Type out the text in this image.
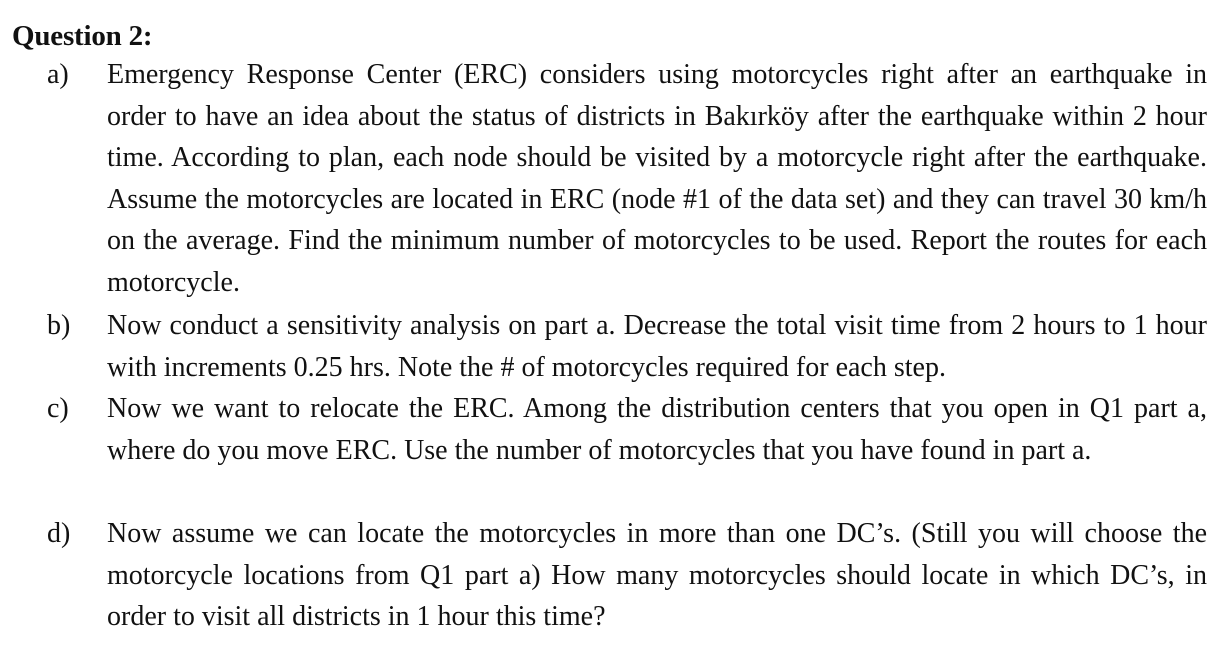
Question 2:
a)	Emergency Response Center (ERC) considers using motorcycles right after an earthquake in order to have an idea about the status of districts in Bakırköy after the earthquake within 2 hour time. According to plan, each node should be visited by a motorcycle right after the earthquake. Assume the motorcycles are located in ERC (node #1 of the data set) and they can travel 30 km/h on the average. Find the minimum number of motorcycles to be used. Report the routes for each motorcycle.
b)	Now conduct a sensitivity analysis on part a. Decrease the total visit time from 2 hours to 1 hour with increments 0.25 hrs. Note the # of motorcycles required for each step.
c)	Now we want to relocate the ERC. Among the distribution centers that you open in Q1 part a, where do you move ERC. Use the number of motorcycles that you have found in part a.
d)	Now assume we can locate the motorcycles in more than one DC’s. (Still you will choose the motorcycle locations from Q1 part a) How many motorcycles should locate in which DC’s, in order to visit all districts in 1 hour this time?
